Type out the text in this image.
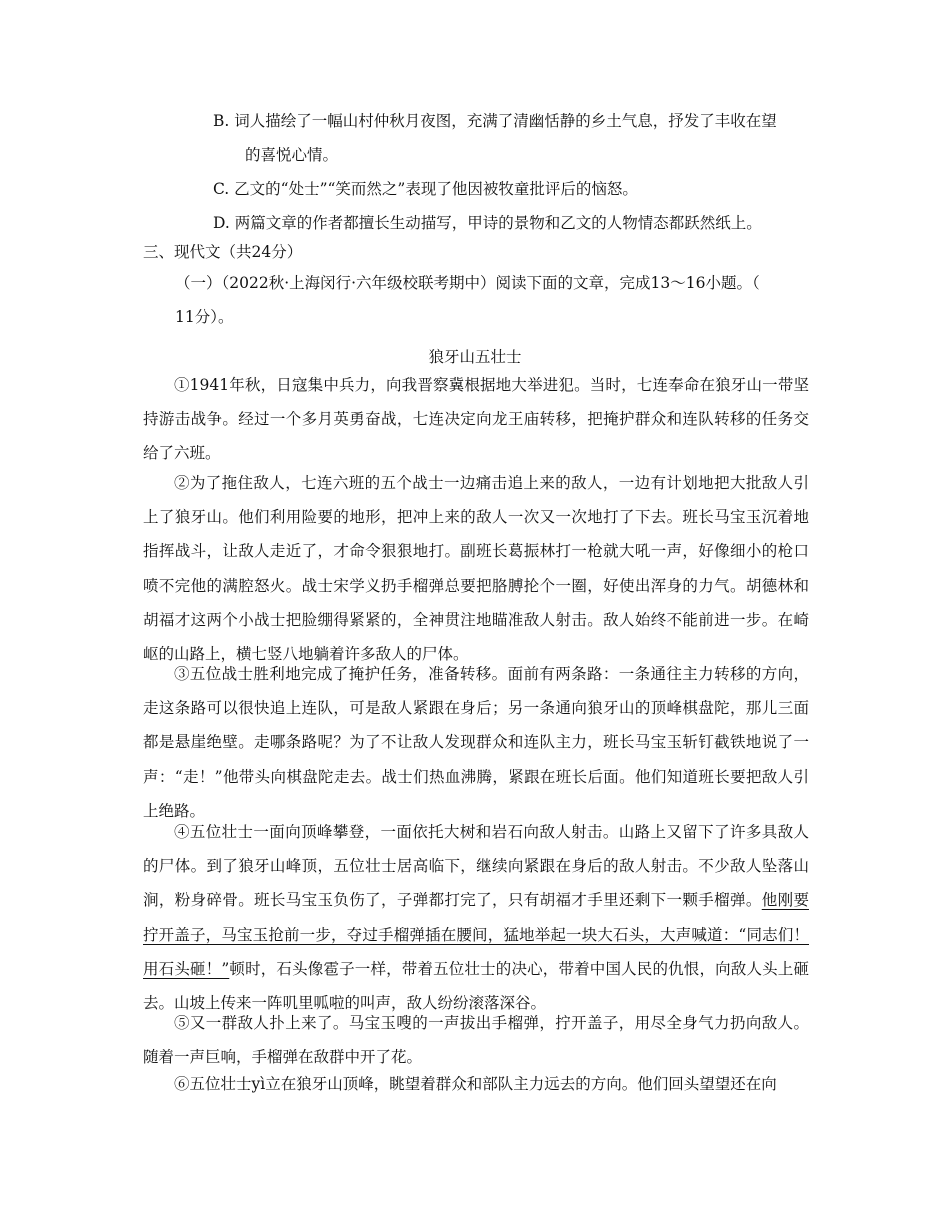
B. 词人描绘了一幅山村仲秋月夜图，充满了清幽恬静的乡土气息，抒发了丰收在望
的喜悦心情。
C. 乙文的“处士”“笑而然之”表现了他因被牧童批评后的恼怒。
D. 两篇文章的作者都擅长生动描写，甲诗的景物和乙文的人物情态都跃然纸上。
三、现代文（共24分）
（一）（2022秋·上海闵行·六年级校联考期中）阅读下面的文章，完成13～16小题。（
11分）。
狼牙山五壮士
①1941年秋，日寇集中兵力，向我晋察冀根据地大举进犯。当时，七连奉命在狼牙山一带坚持游击战争。经过一个多月英勇奋战，七连决定向龙王庙转移，把掩护群众和连队转移的任务交给了六班。
②为了拖住敌人，七连六班的五个战士一边痛击追上来的敌人，一边有计划地把大批敌人引上了狼牙山。他们利用险要的地形，把冲上来的敌人一次又一次地打了下去。班长马宝玉沉着地指挥战斗，让敌人走近了，才命令狠狠地打。副班长葛振林打一枪就大吼一声，好像细小的枪口喷不完他的满腔怒火。战士宋学义扔手榴弹总要把胳膊抡个一圈，好使出浑身的力气。胡德林和胡福才这两个小战士把脸绷得紧紧的，全神贯注地瞄准敌人射击。敌人始终不能前进一步。在崎岖的山路上，横七竖八地躺着许多敌人的尸体。
③五位战士胜利地完成了掩护任务，准备转移。面前有两条路：一条通往主力转移的方向，走这条路可以很快追上连队，可是敌人紧跟在身后；另一条通向狼牙山的顶峰棋盘陀，那儿三面都是悬崖绝壁。走哪条路呢？为了不让敌人发现群众和连队主力，班长马宝玉斩钉截铁地说了一声：“走！”他带头向棋盘陀走去。战士们热血沸腾，紧跟在班长后面。他们知道班长要把敌人引上绝路。
④五位壮士一面向顶峰攀登，一面依托大树和岩石向敌人射击。山路上又留下了许多具敌人的尸体。到了狼牙山峰顶，五位壮士居高临下，继续向紧跟在身后的敌人射击。不少敌人坠落山涧，粉身碎骨。班长马宝玉负伤了，子弹都打完了，只有胡福才手里还剩下一颗手榴弹。他刚要拧开盖子，马宝玉抢前一步，夺过手榴弹插在腰间，猛地举起一块大石头，大声喊道：“同志们！用石头砸！”顿时，石头像雹子一样，带着五位壮士的决心，带着中国人民的仇恨，向敌人头上砸去。山坡上传来一阵叽里呱啦的叫声，敌人纷纷滚落深谷。
⑤又一群敌人扑上来了。马宝玉嗖的一声拔出手榴弹，拧开盖子，用尽全身气力扔向敌人。随着一声巨响，手榴弹在敌群中开了花。
⑥五位壮士yì立在狼牙山顶峰，眺望着群众和部队主力远去的方向。他们回头望望还在向
